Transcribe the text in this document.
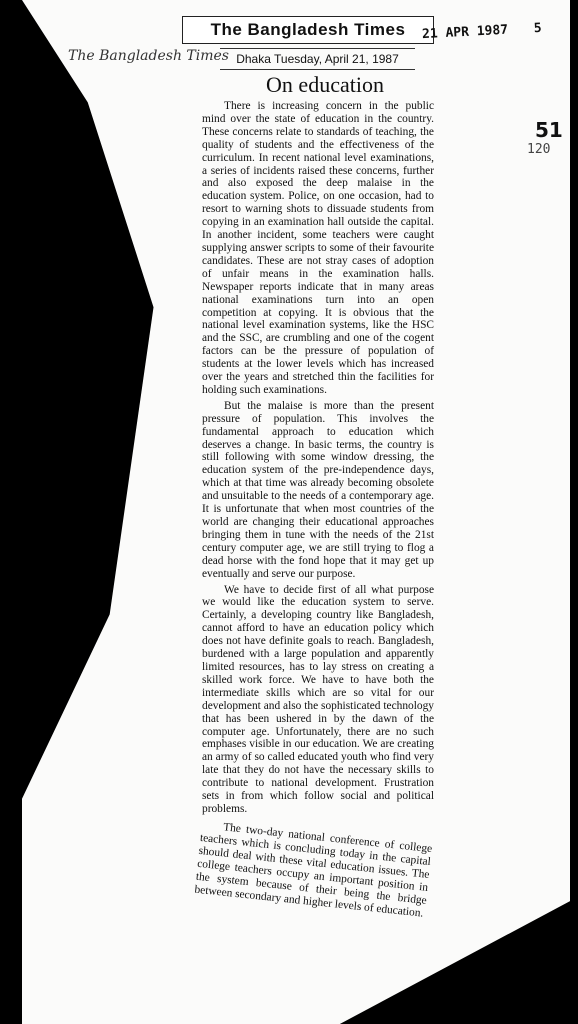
The Bangladesh Times 21 APR 1987 5
The Bangladesh Times Dhaka Tuesday, April 21, 1987
51
120
On education

There is increasing concern in the public mind over the state of education in the country. These concerns relate to standards of teaching, the quality of students and the effectiveness of the curriculum. In recent national level examinations, a series of incidents raised these concerns, further and also exposed the deep malaise in the education system. Police, on one occasion, had to resort to warning shots to dissuade students from copying in an examination hall outside the capital. In another incident, some teachers were caught supplying answer scripts to some of their favourite candidates. These are not stray cases of adoption of unfair means in the examination halls. Newspaper reports indicate that in many areas national examinations turn into an open competition at copying. It is obvious that the national level examination systems, like the HSC and the SSC, are crumbling and one of the cogent factors can be the pressure of population of students at the lower levels which has increased over the years and stretched thin the facilities for holding such examinations.

But the malaise is more than the present pressure of population. This involves the fundamental approach to education which deserves a change. In basic terms, the country is still following with some window dressing, the education system of the pre-independence days, which at that time was already becoming obsolete and unsuitable to the needs of a contemporary age. It is unfortunate that when most countries of the world are changing their educational approaches bringing them in tune with the needs of the 21st century computer age, we are still trying to flog a dead horse with the fond hope that it may get up eventually and serve our purpose.

We have to decide first of all what purpose we would like the education system to serve. Certainly, a developing country like Bangladesh, cannot afford to have an education policy which does not have definite goals to reach. Bangladesh, burdened with a large population and apparently limited resources, has to lay stress on creating a skilled work force. We have to have both the intermediate skills which are so vital for our development and also the sophisticated technology that has been ushered in by the dawn of the computer age. Unfortunately, there are no such emphases visible in our education. We are creating an army of so called educated youth who find very late that they do not have the necessary skills to contribute to national development. Frustration sets in from which follow social and political problems.

The two-day national conference of college teachers which is concluding today in the capital should deal with these vital education issues. The college teachers occupy an important position in the system because of their being the bridge between secondary and higher levels of education.
